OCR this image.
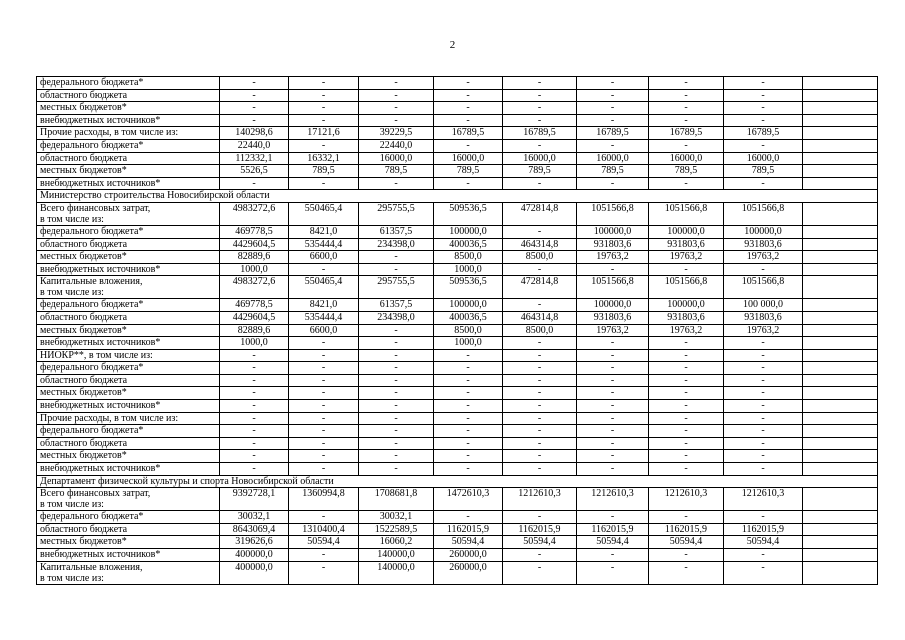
2
федерального бюджета*	-	-	-	-	-	-	-	-	

областного бюджета	-	-	-	-	-	-	-	-	

местных бюджетов*	-	-	-	-	-	-	-	-	

внебюджетных источников*	-	-	-	-	-	-	-	-	

Прочие расходы, в том числе из:	140298,6	17121,6	39229,5	16789,5	16789,5	16789,5	16789,5	16789,5	

федерального бюджета*	22440,0	-	22440,0	-	-	-	-	-	

областного бюджета	112332,1	16332,1	16000,0	16000,0	16000,0	16000,0	16000,0	16000,0	

местных бюджетов*	5526,5	789,5	789,5	789,5	789,5	789,5	789,5	789,5	

внебюджетных источников*	-	-	-	-	-	-	-	-	
Министерство строительства Новосибирской области									

Всего финансовых затрат,
в том числе из:	4983272,6	550465,4	295755,5	509536,5	472814,8	1051566,8	1051566,8	1051566,8	

федерального бюджета*	469778,5	8421,0	61357,5	100000,0	-	100000,0	100000,0	100000,0	

областного бюджета	4429604,5	535444,4	234398,0	400036,5	464314,8	931803,6	931803,6	931803,6	

местных бюджетов*	82889,6	6600,0	-	8500,0	8500,0	19763,2	19763,2	19763,2	

внебюджетных источников*	1000,0	-	-	1000,0	-	-	-	-	

Капитальные вложения,
в том числе из:	4983272,6	550465,4	295755,5	509536,5	472814,8	1051566,8	1051566,8	1051566,8	

федерального бюджета*	469778,5	8421,0	61357,5	100000,0	-	100000,0	100000,0	100 000,0	

областного бюджета	4429604,5	535444,4	234398,0	400036,5	464314,8	931803,6	931803,6	931803,6	

местных бюджетов*	82889,6	6600,0	-	8500,0	8500,0	19763,2	19763,2	19763,2	

внебюджетных источников*	1000,0	-	-	1000,0	-	-	-	-	

НИОКР**, в том числе из:	-	-	-	-	-	-	-	-	

федерального бюджета*	-	-	-	-	-	-	-	-	

областного бюджета	-	-	-	-	-	-	-	-	

местных бюджетов*	-	-	-	-	-	-	-	-	

внебюджетных источников*	-	-	-	-	-	-	-	-	

Прочие расходы, в том числе из:	-	-	-	-	-	-	-	-	

федерального бюджета*	-	-	-	-	-	-	-	-	

областного бюджета	-	-	-	-	-	-	-	-	

местных бюджетов*	-	-	-	-	-	-	-	-	

внебюджетных источников*	-	-	-	-	-	-	-	-	
Департамент физической культуры и спорта Новосибирской области									

Всего финансовых затрат,
в том числе из:	9392728,1	1360994,8	1708681,8	1472610,3	1212610,3	1212610,3	1212610,3	1212610,3	

федерального бюджета*	30032,1	-	30032,1	-	-	-	-	-	

областного бюджета	8643069,4	1310400,4	1522589,5	1162015,9	1162015,9	1162015,9	1162015,9	1162015,9	

местных бюджетов*	319626,6	50594,4	16060,2	50594,4	50594,4	50594,4	50594,4	50594,4	

внебюджетных источников*	400000,0	-	140000,0	260000,0	-	-	-	-	

Капитальные вложения,
в том числе из:	400000,0	-	140000,0	260000,0	-	-	-	-	
